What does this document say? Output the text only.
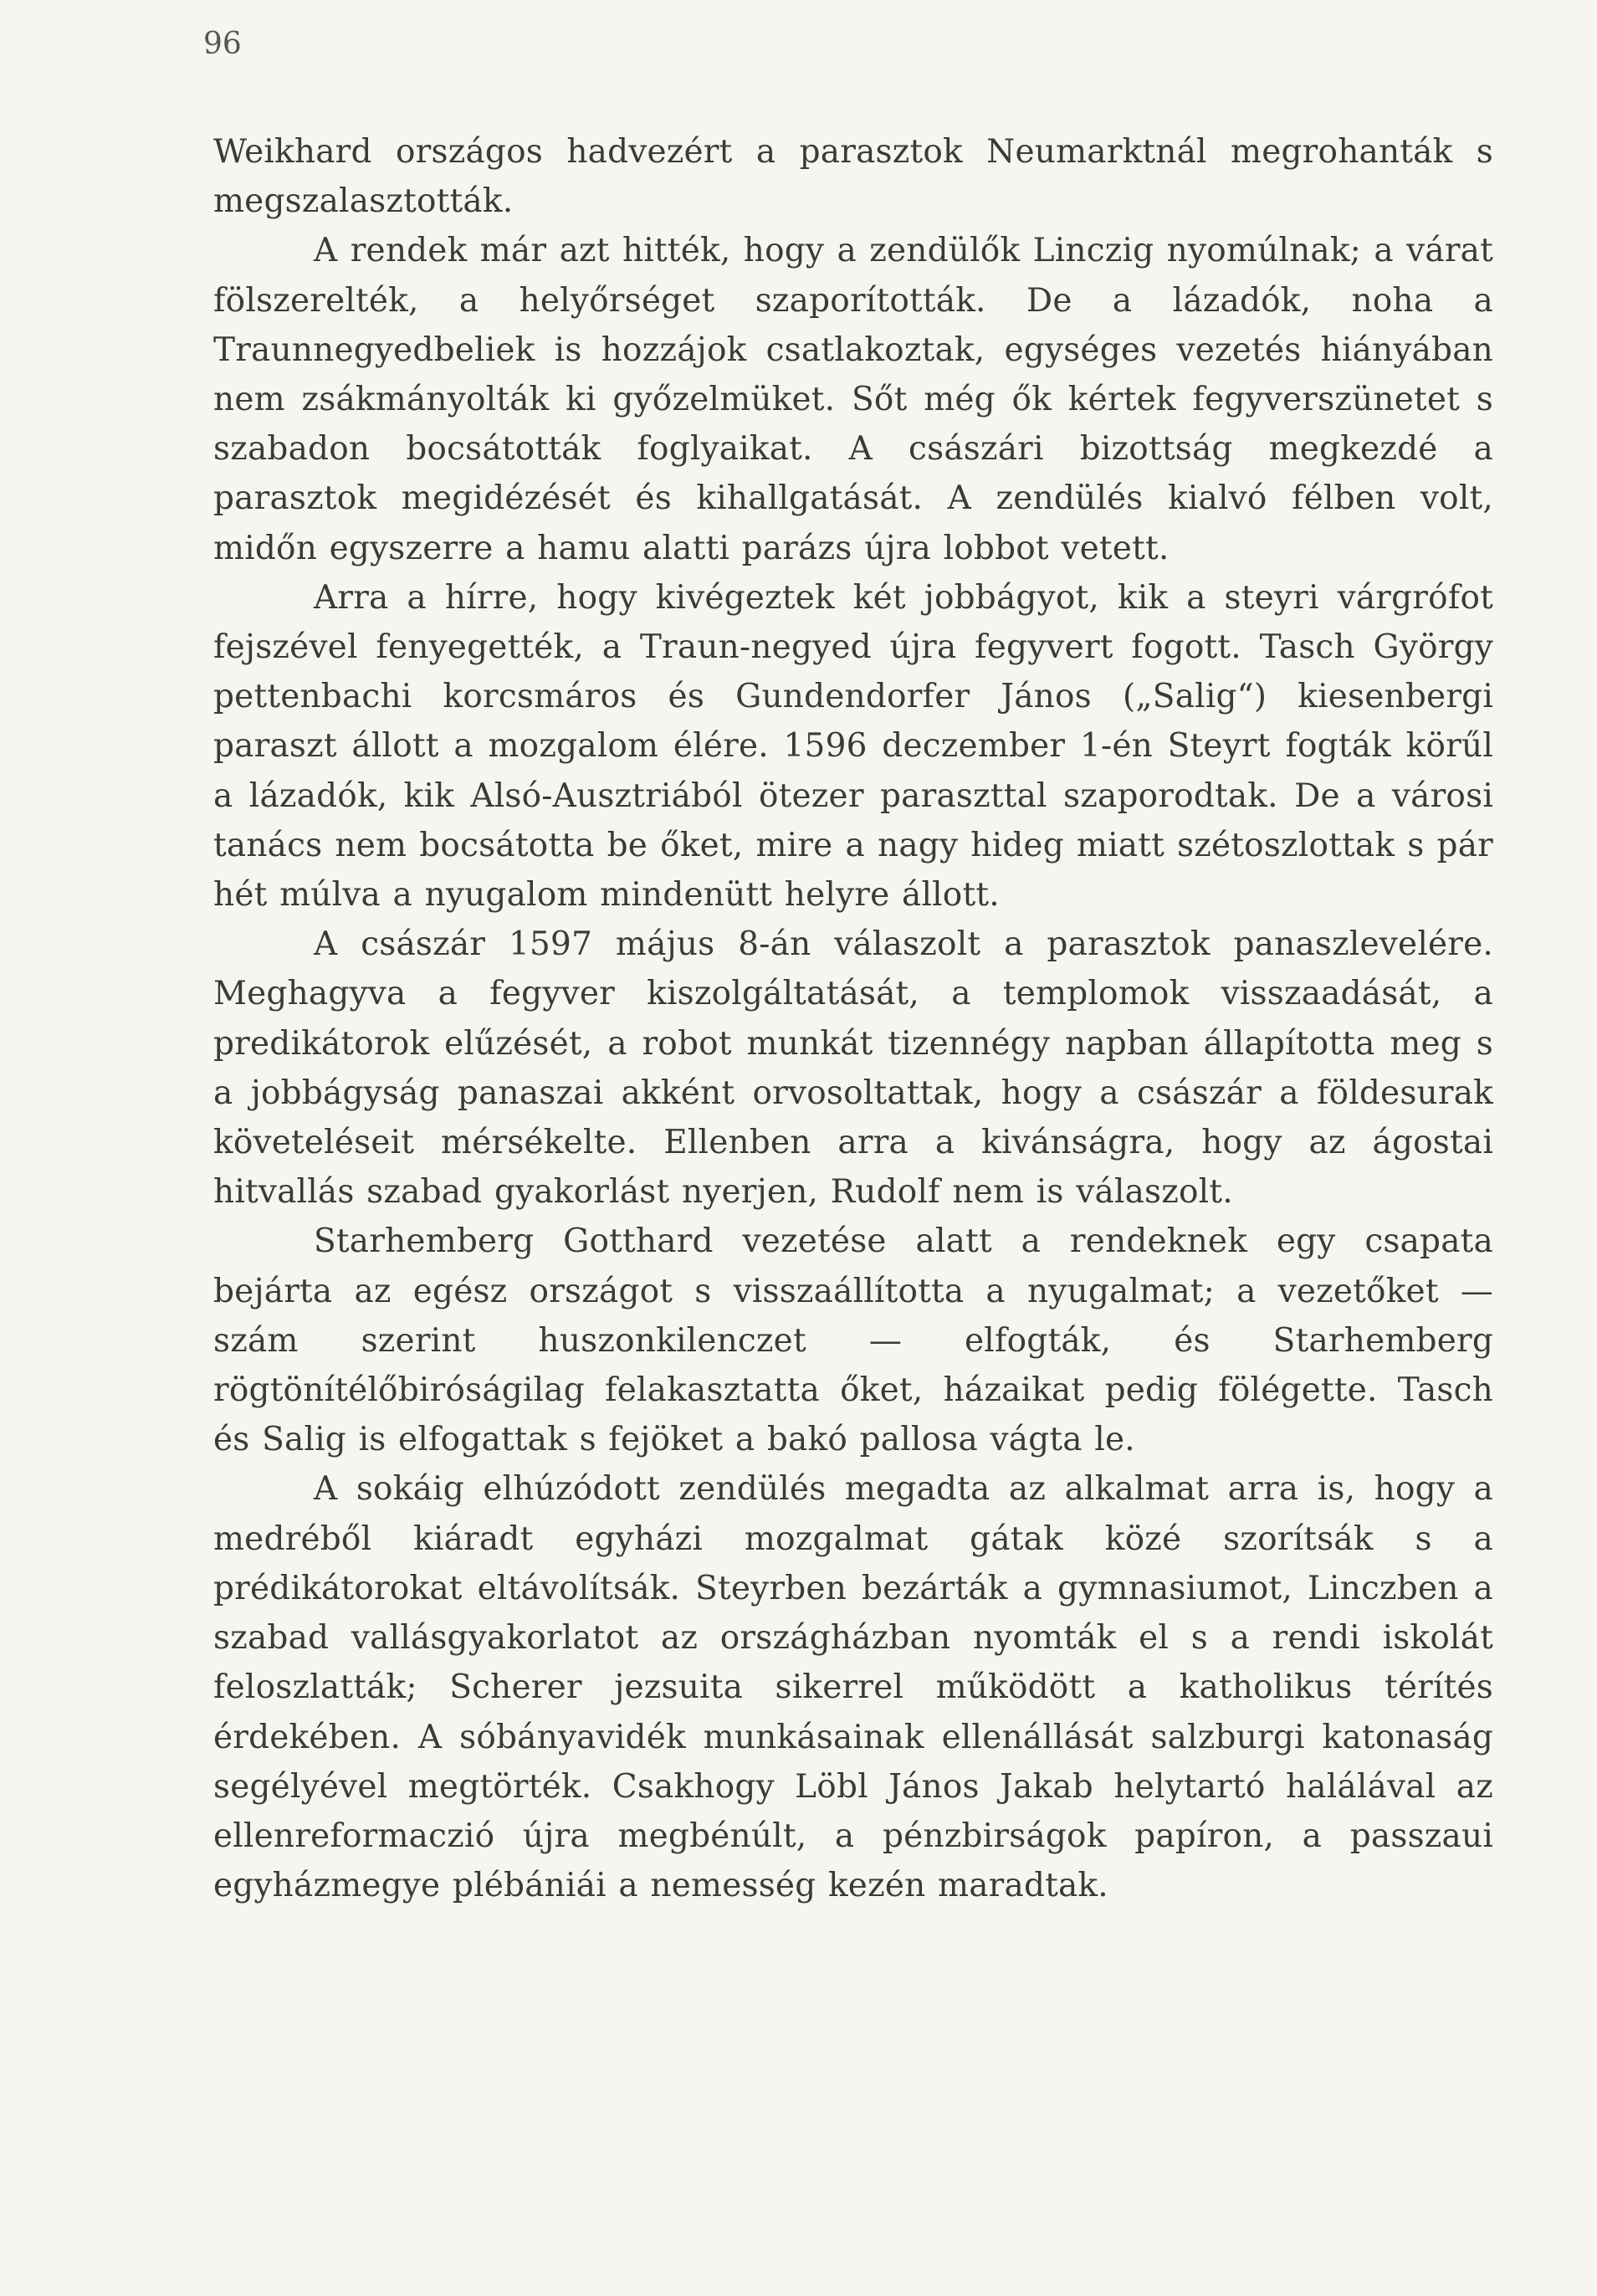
96

Weikhard országos hadvezért a parasztok Neumarktnál megrohanták s megszalasztották.

A rendek már azt hitték, hogy a zendülők Linczig nyomúlnak; a várat fölszerelték, a helyőrséget szaporították. De a lázadók, noha a Traunnegyedbeliek is hozzájok csatlakoztak, egységes vezetés hiányában nem zsákmányolták ki győzelmüket. Sőt még ők kértek fegyverszünetet s szabadon bocsátották foglyaikat. A császári bizottság megkezdé a parasztok megidézését és kihallgatását. A zendülés kialvó félben volt, midőn egyszerre a hamu alatti parázs újra lobbot vetett.

Arra a hírre, hogy kivégeztek két jobbágyot, kik a steyri várgrófot fejszével fenyegették, a Traun-negyed újra fegyvert fogott. Tasch György pettenbachi korcsmáros és Gundendorfer János („Salig“) kiesenbergi paraszt állott a mozgalom élére. 1596 deczember 1-én Steyrt fogták körűl a lázadók, kik Alsó-Ausztriából ötezer paraszttal szaporodtak. De a városi tanács nem bocsátotta be őket, mire a nagy hideg miatt szétoszlottak s pár hét múlva a nyugalom mindenütt helyre állott.

A császár 1597 május 8-án válaszolt a parasztok panaszlevelére. Meghagyva a fegyver kiszolgáltatását, a templomok visszaadását, a predikátorok elűzését, a robot munkát tizennégy napban állapította meg s a jobbágyság panaszai akként orvosoltattak, hogy a császár a földesurak követeléseit mérsékelte. Ellenben arra a kivánságra, hogy az ágostai hitvallás szabad gyakorlást nyerjen, Rudolf nem is válaszolt.

Starhemberg Gotthard vezetése alatt a rendeknek egy csapata bejárta az egész országot s visszaállította a nyugalmat; a vezetőket — szám szerint huszonkilenczet — elfogták, és Starhemberg rögtönítélőbiróságilag felakasztatta őket, házaikat pedig fölégette. Tasch és Salig is elfogattak s fejöket a bakó pallosa vágta le.

A sokáig elhúzódott zendülés megadta az alkalmat arra is, hogy a medréből kiáradt egyházi mozgalmat gátak közé szorítsák s a prédikátorokat eltávolítsák. Steyrben bezárták a gymnasiumot, Linczben a szabad vallásgyakorlatot az országházban nyomták el s a rendi iskolát feloszlatták; Scherer jezsuita sikerrel működött a katholikus térítés érdekében. A sóbányavidék munkásainak ellenállását salzburgi katonaság segélyével megtörték. Csakhogy Löbl János Jakab helytartó halálával az ellenreformaczió újra megbénúlt, a pénzbirságok papíron, a passzaui egyházmegye plébániái a nemesség kezén maradtak.
